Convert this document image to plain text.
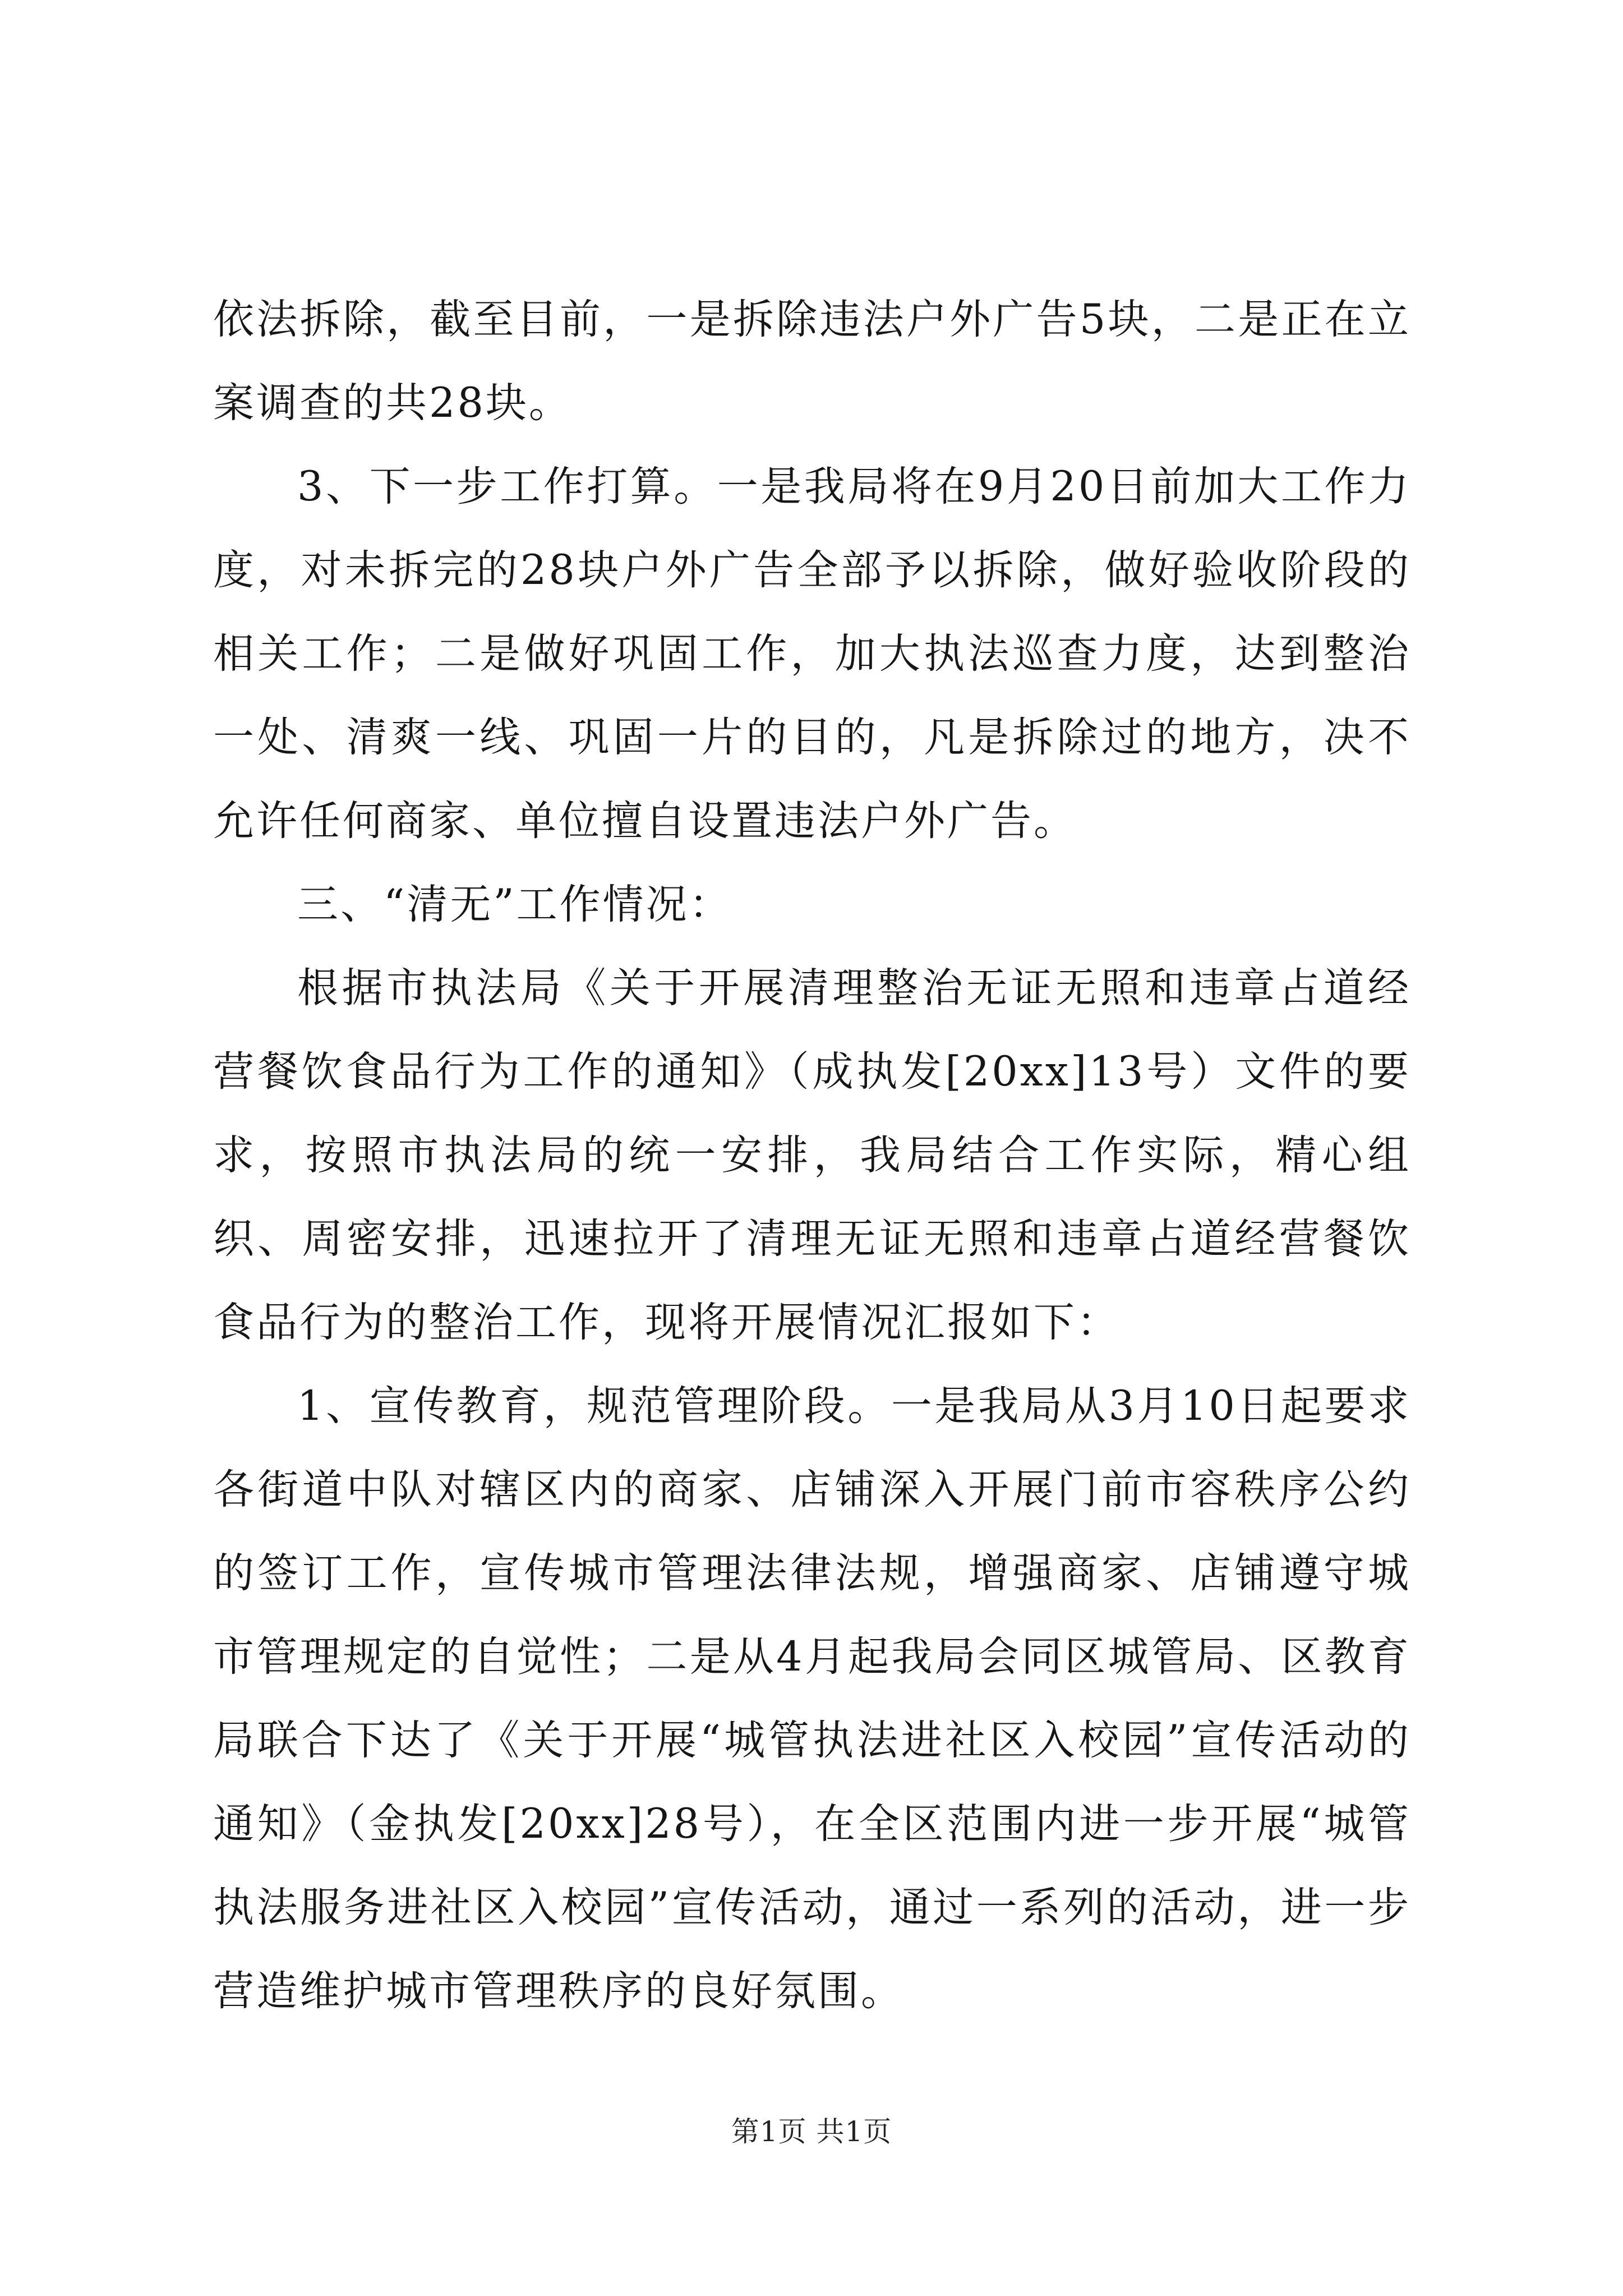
依法拆除，截至目前，一是拆除违法户外广告5块，二是正在立案调查的共28块。

3、下一步工作打算。一是我局将在9月20日前加大工作力度，对未拆完的28块户外广告全部予以拆除，做好验收阶段的相关工作；二是做好巩固工作，加大执法巡查力度，达到整治一处、清爽一线、巩固一片的目的，凡是拆除过的地方，决不允许任何商家、单位擅自设置违法户外广告。

三、“清无”工作情况：

根据市执法局《关于开展清理整治无证无照和违章占道经营餐饮食品行为工作的通知》（成执发[20xx]13号）文件的要求，按照市执法局的统一安排，我局结合工作实际，精心组织、周密安排，迅速拉开了清理无证无照和违章占道经营餐饮食品行为的整治工作，现将开展情况汇报如下：

1、宣传教育，规范管理阶段。一是我局从3月10日起要求各街道中队对辖区内的商家、店铺深入开展门前市容秩序公约的签订工作，宣传城市管理法律法规，增强商家、店铺遵守城市管理规定的自觉性；二是从4月起我局会同区城管局、区教育局联合下达了《关于开展“城管执法进社区入校园”宣传活动的通知》（金执发[20xx]28号），在全区范围内进一步开展“城管执法服务进社区入校园”宣传活动，通过一系列的活动，进一步营造维护城市管理秩序的良好氛围。

第1页 共1页
